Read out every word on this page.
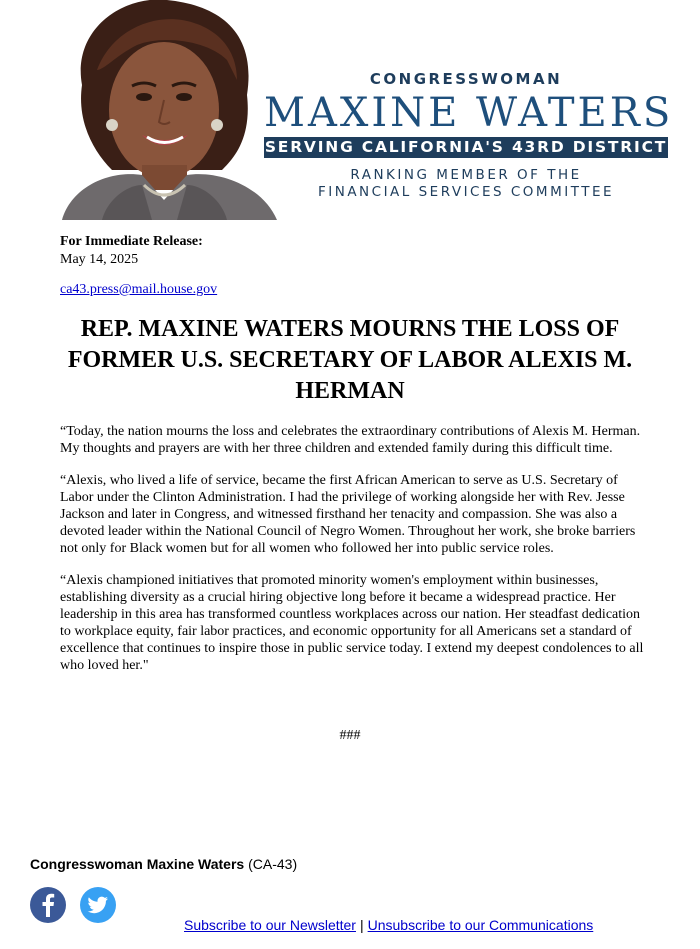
CONGRESSWOMAN
MAXINE WATERS
SERVING CALIFORNIA'S 43RD DISTRICT
RANKING MEMBER OF THE
FINANCIAL SERVICES COMMITTEE
For Immediate Release:
May 14, 2025
ca43.press@mail.house.gov
REP. MAXINE WATERS MOURNS THE LOSS OF FORMER U.S. SECRETARY OF LABOR ALEXIS M. HERMAN

“Today, the nation mourns the loss and celebrates the extraordinary contributions of Alexis M. Herman. My thoughts and prayers are with her three children and extended family during this difficult time.

“Alexis, who lived a life of service, became the first African American to serve as U.S. Secretary of Labor under the Clinton Administration. I had the privilege of working alongside her with Rev. Jesse Jackson and later in Congress, and witnessed firsthand her tenacity and compassion. She was also a devoted leader within the National Council of Negro Women. Throughout her work, she broke barriers not only for Black women but for all women who followed her into public service roles.

“Alexis championed initiatives that promoted minority women's employment within businesses, establishing diversity as a crucial hiring objective long before it became a widespread practice. Her leadership in this area has transformed countless workplaces across our nation. Her steadfast dedication to workplace equity, fair labor practices, and economic opportunity for all Americans set a standard of excellence that continues to inspire those in public service today. I extend my deepest condolences to all who loved her."

###
Congresswoman Maxine Waters (CA-43)
Subscribe to our Newsletter | Unsubscribe to our Communications
